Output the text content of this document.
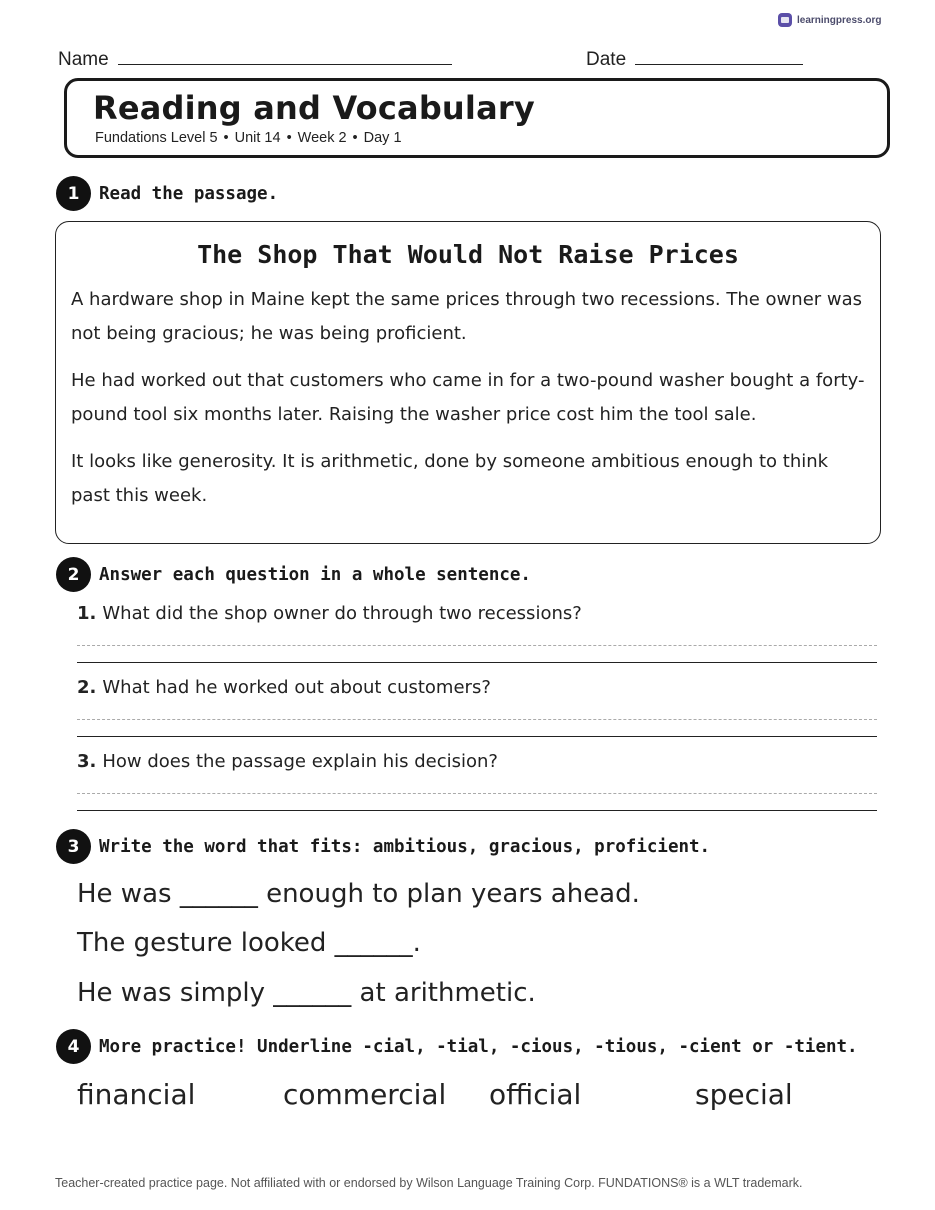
learningpress.org
Name	Date
Reading and Vocabulary
Fundations Level 5 • Unit 14 • Week 2 • Day 1
1	Read the passage.
The Shop That Would Not Raise Prices

A hardware shop in Maine kept the same prices through two recessions. The owner was not being gracious; he was being proficient.

He had worked out that customers who came in for a two-pound washer bought a forty-pound tool six months later. Raising the washer price cost him the tool sale.

It looks like generosity. It is arithmetic, done by someone ambitious enough to think past this week.

2	Answer each question in a whole sentence.
1. What did the shop owner do through two recessions?
2. What had he worked out about customers?
3. How does the passage explain his decision?
3	Write the word that fits: ambitious, gracious, proficient.
He was ______ enough to plan years ahead.
The gesture looked ______.
He was simply ______ at arithmetic.
4	More practice! Underline -cial, -tial, -cious, -tious, -cient or -tient.
financial	commercial official	special
Teacher-created practice page. Not affiliated with or endorsed by Wilson Language Training Corp. FUNDATIONS® is a WLT trademark.
